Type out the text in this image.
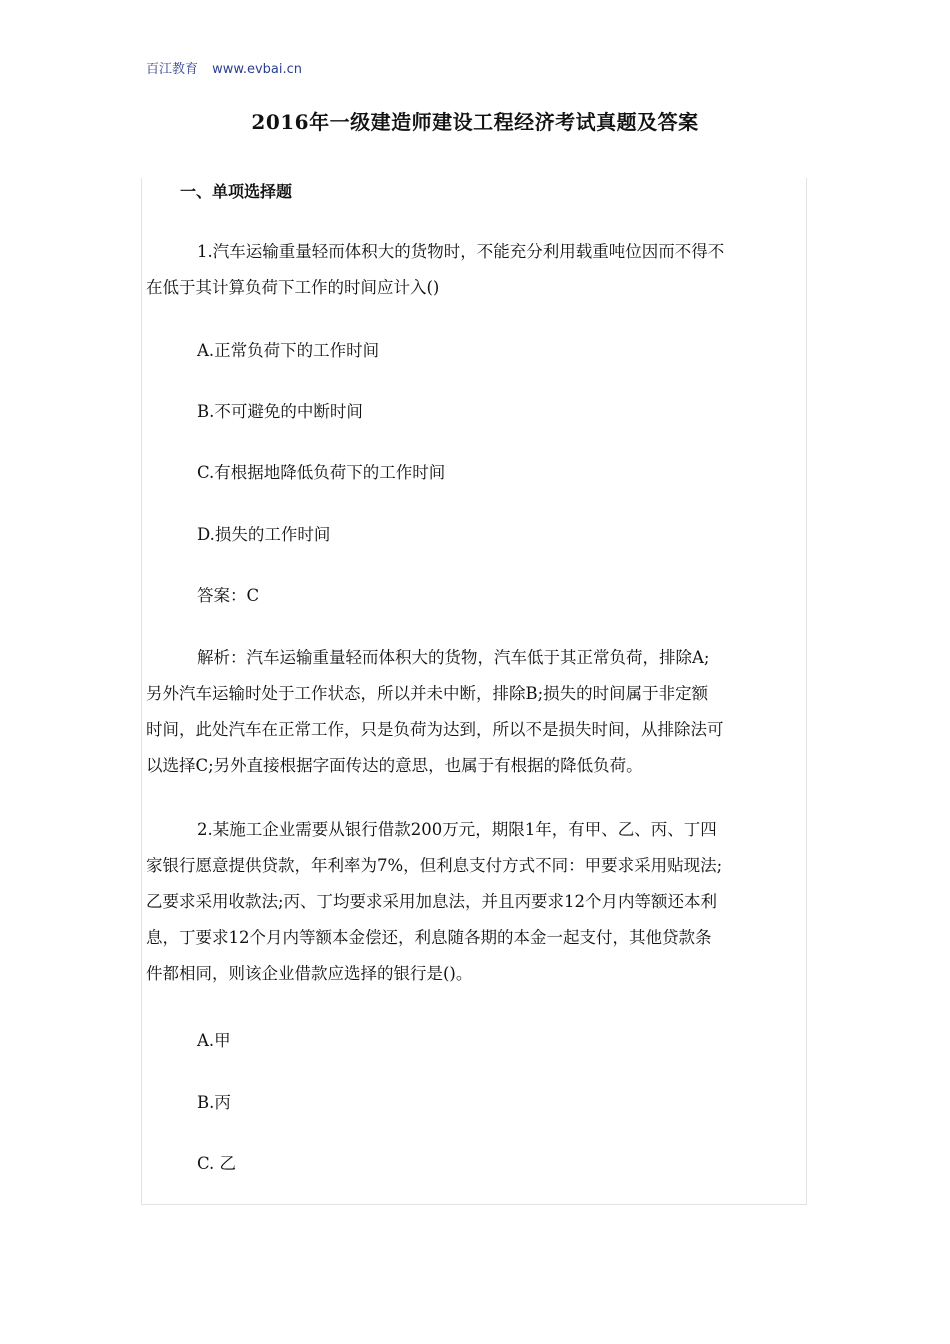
百江教育 www.evbai.cn
2016年一级建造师建设工程经济考试真题及答案
一、单项选择题
1.汽车运输重量轻而体积大的货物时，不能充分利用载重吨位因而不得不
在低于其计算负荷下工作的时间应计入()
A.正常负荷下的工作时间
B.不可避免的中断时间
C.有根据地降低负荷下的工作时间
D.损失的工作时间
答案：C
解析：汽车运输重量轻而体积大的货物，汽车低于其正常负荷，排除A;
另外汽车运输时处于工作状态，所以并未中断，排除B;损失的时间属于非定额
时间，此处汽车在正常工作，只是负荷为达到，所以不是损失时间，从排除法可
以选择C;另外直接根据字面传达的意思，也属于有根据的降低负荷。
2.某施工企业需要从银行借款200万元，期限1年，有甲、乙、丙、丁四
家银行愿意提供贷款，年利率为7%，但利息支付方式不同：甲要求采用贴现法;
乙要求采用收款法;丙、丁均要求采用加息法，并且丙要求12个月内等额还本利
息，丁要求12个月内等额本金偿还，利息随各期的本金一起支付，其他贷款条
件都相同，则该企业借款应选择的银行是()。
A.甲
B.丙
C. 乙
